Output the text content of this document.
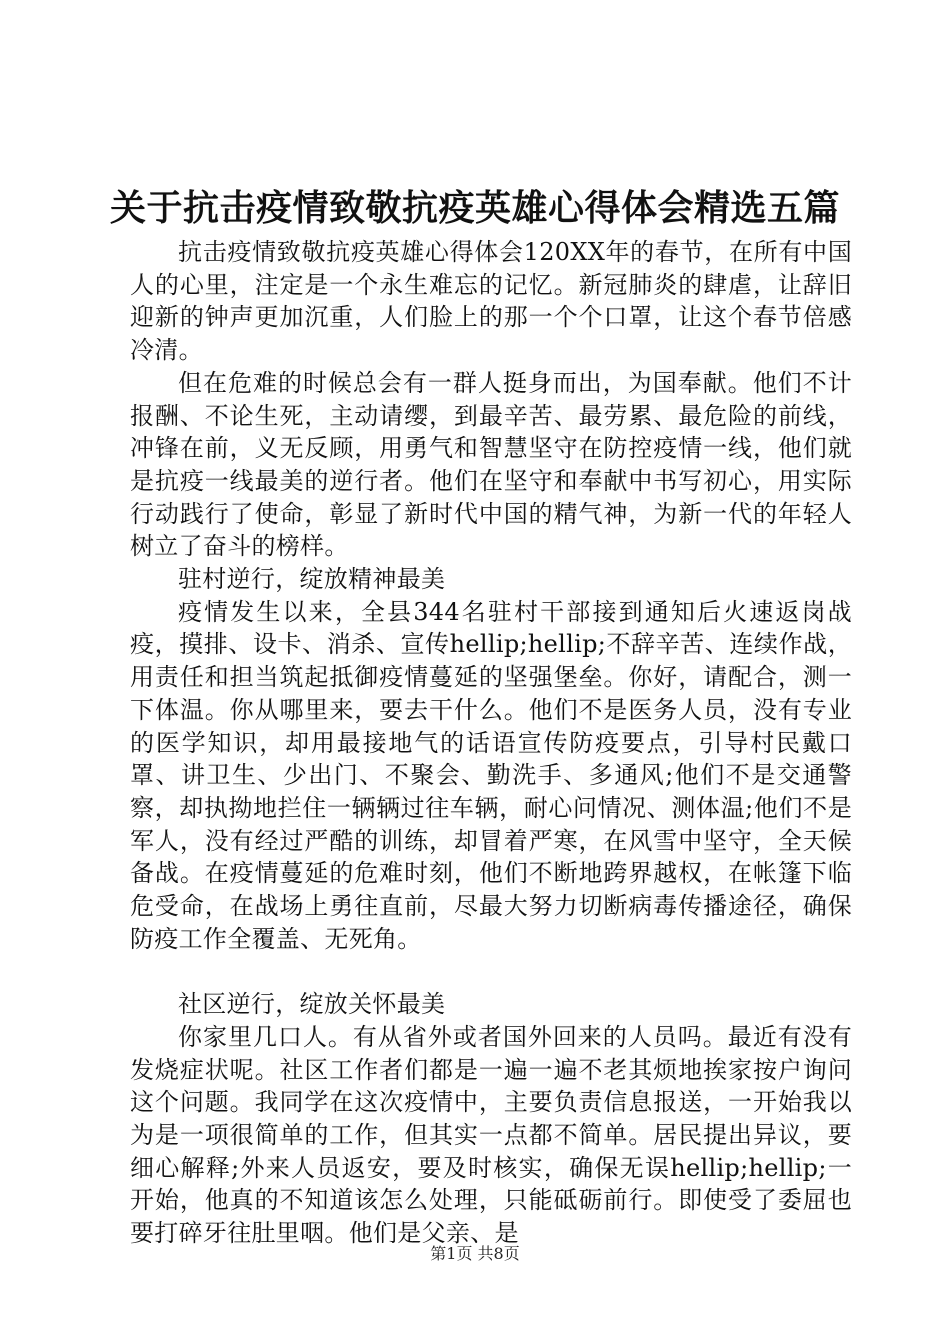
关于抗击疫情致敬抗疫英雄心得体会精选五篇

抗击疫情致敬抗疫英雄心得体会120XX年的春节，在所有中国人的心里，注定是一个永生难忘的记忆。新冠肺炎的肆虐，让辞旧迎新的钟声更加沉重，人们脸上的那一个个口罩，让这个春节倍感冷清。

但在危难的时候总会有一群人挺身而出，为国奉献。他们不计报酬、不论生死，主动请缨，到最辛苦、最劳累、最危险的前线，冲锋在前，义无反顾，用勇气和智慧坚守在防控疫情一线，他们就是抗疫一线最美的逆行者。他们在坚守和奉献中书写初心，用实际行动践行了使命，彰显了新时代中国的精气神，为新一代的年轻人树立了奋斗的榜样。

驻村逆行，绽放精神最美

疫情发生以来，全县344名驻村干部接到通知后火速返岗战疫，摸排、设卡、消杀、宣传hellip;hellip;不辞辛苦、连续作战，用责任和担当筑起抵御疫情蔓延的坚强堡垒。你好，请配合，测一下体温。你从哪里来，要去干什么。他们不是医务人员，没有专业的医学知识，却用最接地气的话语宣传防疫要点，引导村民戴口罩、讲卫生、少出门、不聚会、勤洗手、多通风;他们不是交通警察，却执拗地拦住一辆辆过往车辆，耐心问情况、测体温;他们不是军人，没有经过严酷的训练，却冒着严寒，在风雪中坚守，全天候备战。在疫情蔓延的危难时刻，他们不断地跨界越权，在帐篷下临危受命，在战场上勇往直前，尽最大努力切断病毒传播途径，确保防疫工作全覆盖、无死角。

社区逆行，绽放关怀最美

你家里几口人。有从省外或者国外回来的人员吗。最近有没有发烧症状呢。社区工作者们都是一遍一遍不老其烦地挨家按户询问这个问题。我同学在这次疫情中，主要负责信息报送，一开始我以为是一项很简单的工作，但其实一点都不简单。居民提出异议，要细心解释;外来人员返安，要及时核实，确保无误hellip;hellip;一开始，他真的不知道该怎么处理，只能砥砺前行。即使受了委屈也要打碎牙往肚里咽。他们是父亲、是

第1页 共8页
